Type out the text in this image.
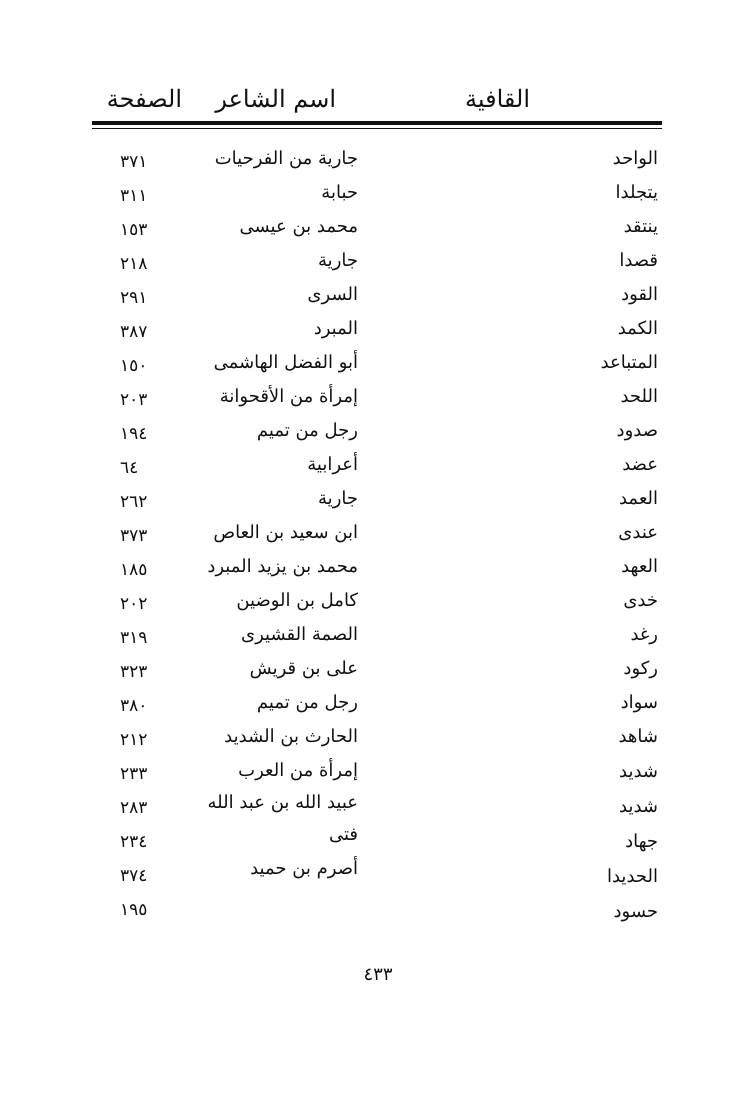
القافية
اسم الشاعر
الصفحة
الواحد
يتجلدا
ينتقد
قصدا
القود
الكمد
المتباعد
اللحد
صدود
عضد
العمد
عندى
العهد
خدى
رغد
ركود
سواد
شاهد
شديد
شديد
جهاد
الحديدا
حسود
جارية من الفرحيات
حبابة
محمد بن عيسى
جارية
السرى
المبرد
أبو الفضل الهاشمى
إمرأة من الأقحوانة
رجل من تميم
أعرابية
جارية
ابن سعيد بن العاص
محمد بن يزيد المبرد
كامل بن الوضين
الصمة القشيرى
على بن قريش
رجل من تميم
الحارث بن الشديد
إمرأة من العرب
عبيد الله بن عبد الله
فتى
أصرم بن حميد
٣٧١
٣١١
١٥٣
٢١٨
٢٩١
٣٨٧
١٥٠
٢٠٣
١٩٤
٦٤
٢٦٢
٣٧٣
١٨٥
٢٠٢
٣١٩
٣٢٣
٣٨٠
٢١٢
٢٣٣
٢٨٣
٢٣٤
٣٧٤
١٩٥
٤٣٣
